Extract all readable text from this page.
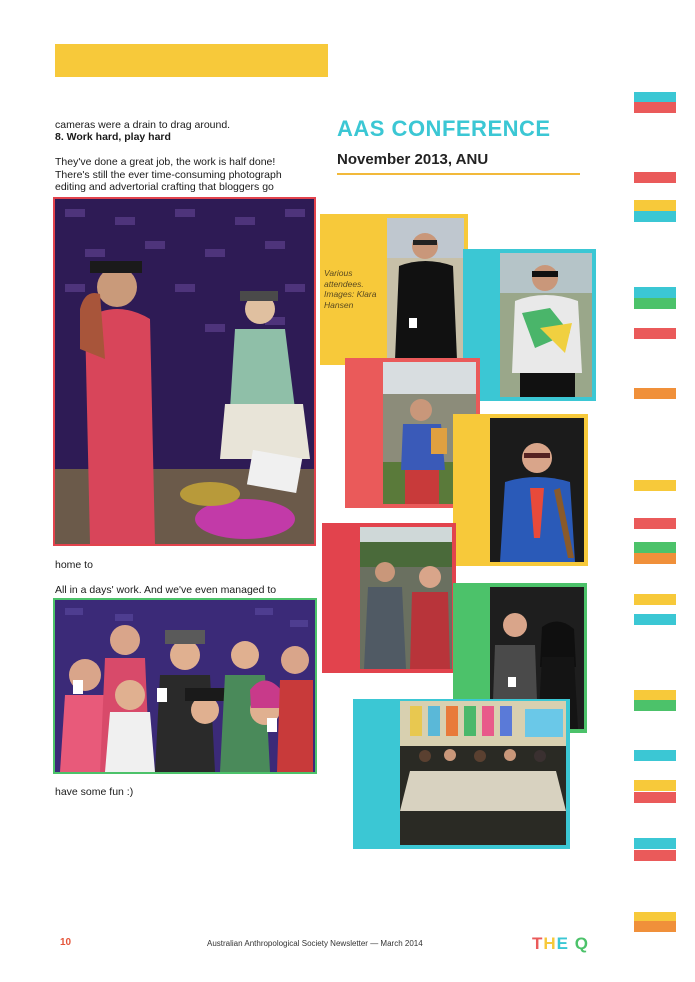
cameras were a drain to drag around.
8. Work hard, play hard
They've done a great job, the work is half done! There's still the ever time-consuming photograph editing and advertorial crafting that bloggers go
home to
All in a days' work. And we've even managed to
have some fun :)
AAS CONFERENCE
November 2013, ANU
Various attendees. Images: Klara Hansen
10	Australian Anthropological Society Newsletter — March 2014	THE Q
